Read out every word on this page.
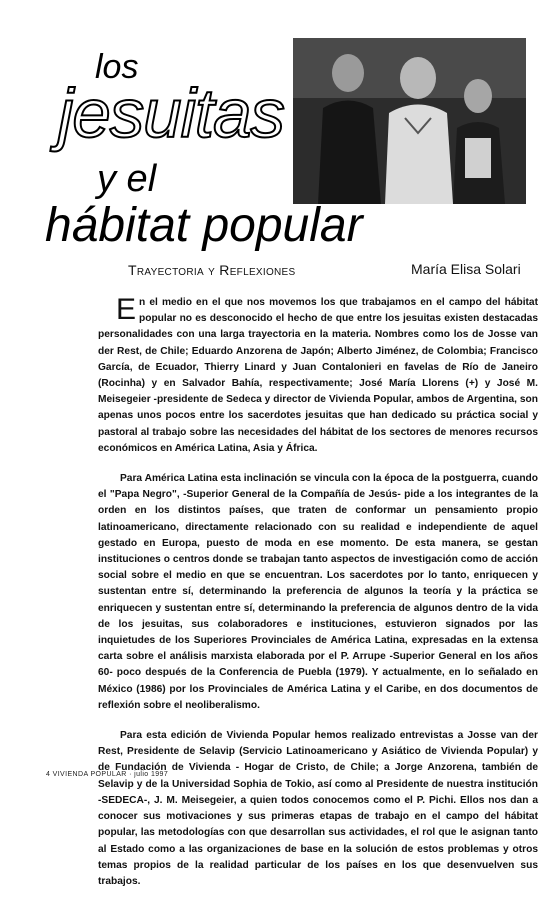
los
jesuitas
y el
hábitat popular
Trayectoria y Reflexiones	María Elisa Solari

En el medio en el que nos movemos los que trabajamos en el campo del hábitat popular no es desconocido el hecho de que entre los jesuitas existen destacadas personalidades con una larga trayectoria en la materia. Nombres como los de Josse van der Rest, de Chile; Eduardo Anzorena de Japón; Alberto Jiménez, de Colombia; Francisco García, de Ecuador, Thierry Linard y Juan Contalonieri en favelas de Río de Janeiro (Rocinha) y en Salvador Bahía, respectivamente; José María Llorens (+) y José M. Meisegeier -presidente de Sedeca y director de Vivienda Popular, ambos de Argentina, son apenas unos pocos entre los sacerdotes jesuitas que han dedicado su práctica social y pastoral al trabajo sobre las necesidades del hábitat de los sectores de menores recursos económicos en América Latina, Asia y África.

Para América Latina esta inclinación se vincula con la época de la postguerra, cuando el "Papa Negro", -Superior General de la Compañía de Jesús- pide a los integrantes de la orden en los distintos países, que traten de conformar un pensamiento propio latinoamericano, directamente relacionado con su realidad e independiente de aquel gestado en Europa, puesto de moda en ese momento. De esta manera, se gestan instituciones o centros donde se trabajan tanto aspectos de investigación como de acción social sobre el medio en que se encuentran. Los sacerdotes por lo tanto, enriquecen y sustentan entre sí, determinando la preferencia de algunos la teoría y la práctica se enriquecen y sustentan entre sí, determinando la preferencia de algunos dentro de la vida de los jesuitas, sus colaboradores e instituciones, estuvieron signados por las inquietudes de los Superiores Provinciales de América Latina, expresadas en la extensa carta sobre el análisis marxista elaborada por el P. Arrupe -Superior General en los años 60- poco después de la Conferencia de Puebla (1979). Y actualmente, en lo señalado en México (1986) por los Provinciales de América Latina y el Caribe, en dos documentos de reflexión sobre el neoliberalismo.

Para esta edición de Vivienda Popular hemos realizado entrevistas a Josse van der Rest, Presidente de Selavip (Servicio Latinoamericano y Asiático de Vivienda Popular) y de Fundación de Vivienda - Hogar de Cristo, de Chile; a Jorge Anzorena, también de Selavip y de la Universidad Sophia de Tokio, así como al Presidente de nuestra institución -SEDECA-, J. M. Meisegeier, a quien todos conocemos como el P. Pichi. Ellos nos dan a conocer sus motivaciones y sus primeras etapas de trabajo en el campo del hábitat popular, las metodologías con que desarrollan sus actividades, el rol que le asignan tanto al Estado como a las organizaciones de base en la solución de estos problemas y otros temas propios de la realidad particular de los países en los que desenvuelven sus trabajos.

4 VIVIENDA POPULAR · julio 1997
